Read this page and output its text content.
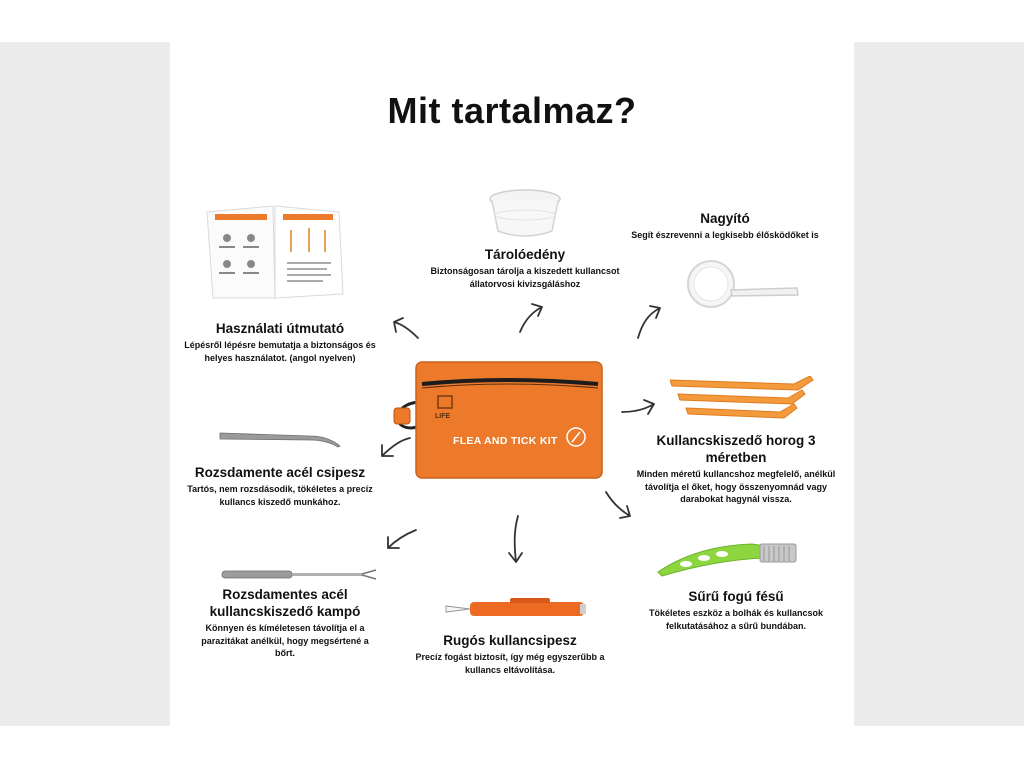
Mit tartalmaz?
Tárolóedény
Biztonságosan tárolja a kiszedett kullancsot állatorvosi kivizsgáláshoz
Nagyító
Segít észrevenni a legkisebb élősködőket is
Használati útmutató
Lépésről lépésre bemutatja a biztonságos és helyes használatot. (angol nyelven)
LIFE
FLEA AND TICK KIT	Kullancskiszedő horog 3 méretben
Minden méretű kullancshoz megfelelő, anélkül távolítja el őket, hogy összenyomnád vagy darabokat hagynál vissza.
Rozsdamente acél csipesz
Tartós, nem rozsdásodik, tökéletes a precíz kullancs kiszedő munkához.
Rozsdamentes acél kullancskiszedő kampó
Könnyen és kíméletesen távolítja el a parazitákat anélkül, hogy megsértené a bőrt.
Rugós kullancsipesz
Precíz fogást biztosít, így még egyszerűbb a kullancs eltávolítása.
Sűrű fogú fésű
Tökéletes eszköz a bolhák és kullancsok felkutatásához a sűrű bundában.
